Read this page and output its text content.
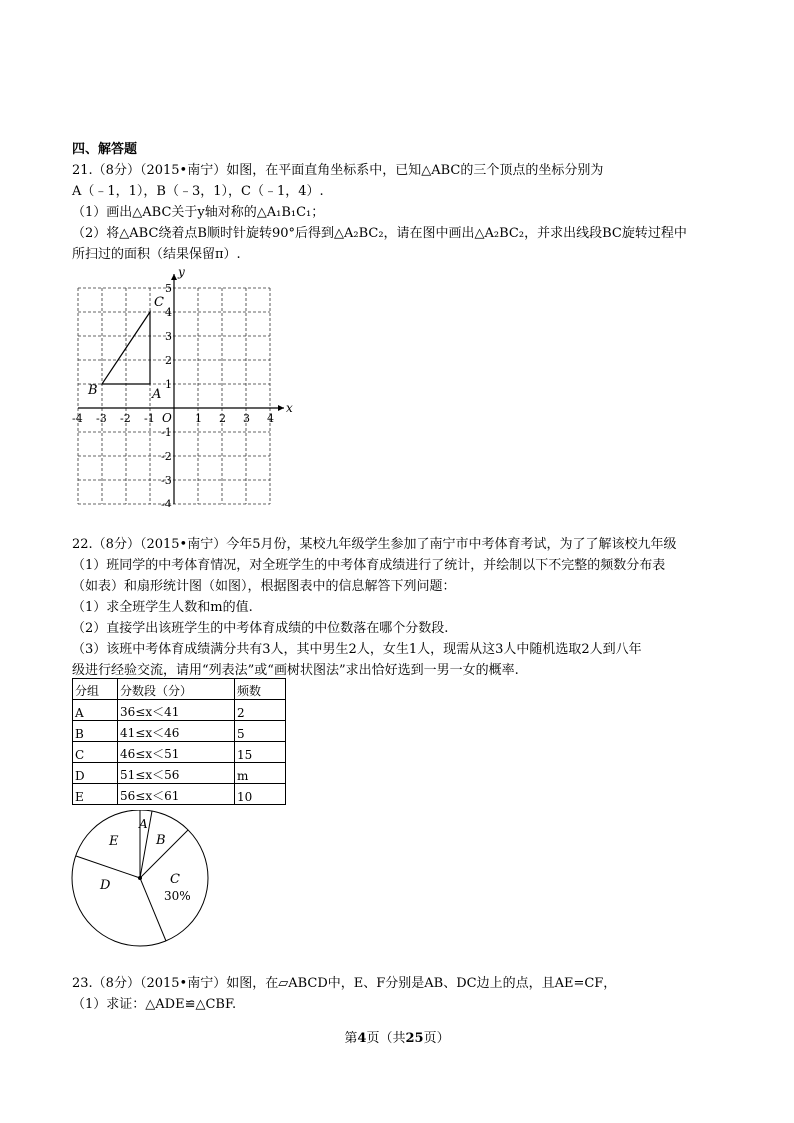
四、解答题
21.（8分）（2015•南宁）如图，在平面直角坐标系中，已知△ABC的三个顶点的坐标分别为
A（﹣1，1），B（﹣3，1），C（﹣1，4）.
（1）画出△ABC关于y轴对称的△A₁B₁C₁；
（2）将△ABC绕着点B顺时针旋转90°后得到△A₂BC₂，请在图中画出△A₂BC₂，并求出线段BC旋转过程中
所扫过的面积（结果保留π）.
x
y
O
-4 -3 -2 -1	1 2 3 4
5
4
3
2
1
-1
-2
-3
-4
A
B
C
22.（8分）（2015•南宁）今年5月份，某校九年级学生参加了南宁市中考体育考试，为了了解该校九年级
（1）班同学的中考体育情况，对全班学生的中考体育成绩进行了统计，并绘制以下不完整的频数分布表
（如表）和扇形统计图（如图），根据图表中的信息解答下列问题：
（1）求全班学生人数和m的值.
（2）直接学出该班学生的中考体育成绩的中位数落在哪个分数段.
（3）该班中考体育成绩满分共有3人，其中男生2人，女生1人，现需从这3人中随机选取2人到八年
级进行经验交流，请用“列表法”或“画树状图法”求出恰好选到一男一女的概率.
分组	分数段（分）	频数
A	36≤x＜41	2
B	41≤x＜46	5
C	46≤x＜51	15
D	51≤x＜56	m
E	56≤x＜61	10
A
B
C
30%
D
E
23.（8分）（2015•南宁）如图，在▱ABCD中，E、F分别是AB、DC边上的点，且AE=CF，
（1）求证：△ADE≌△CBF.
第4页（共25页）
